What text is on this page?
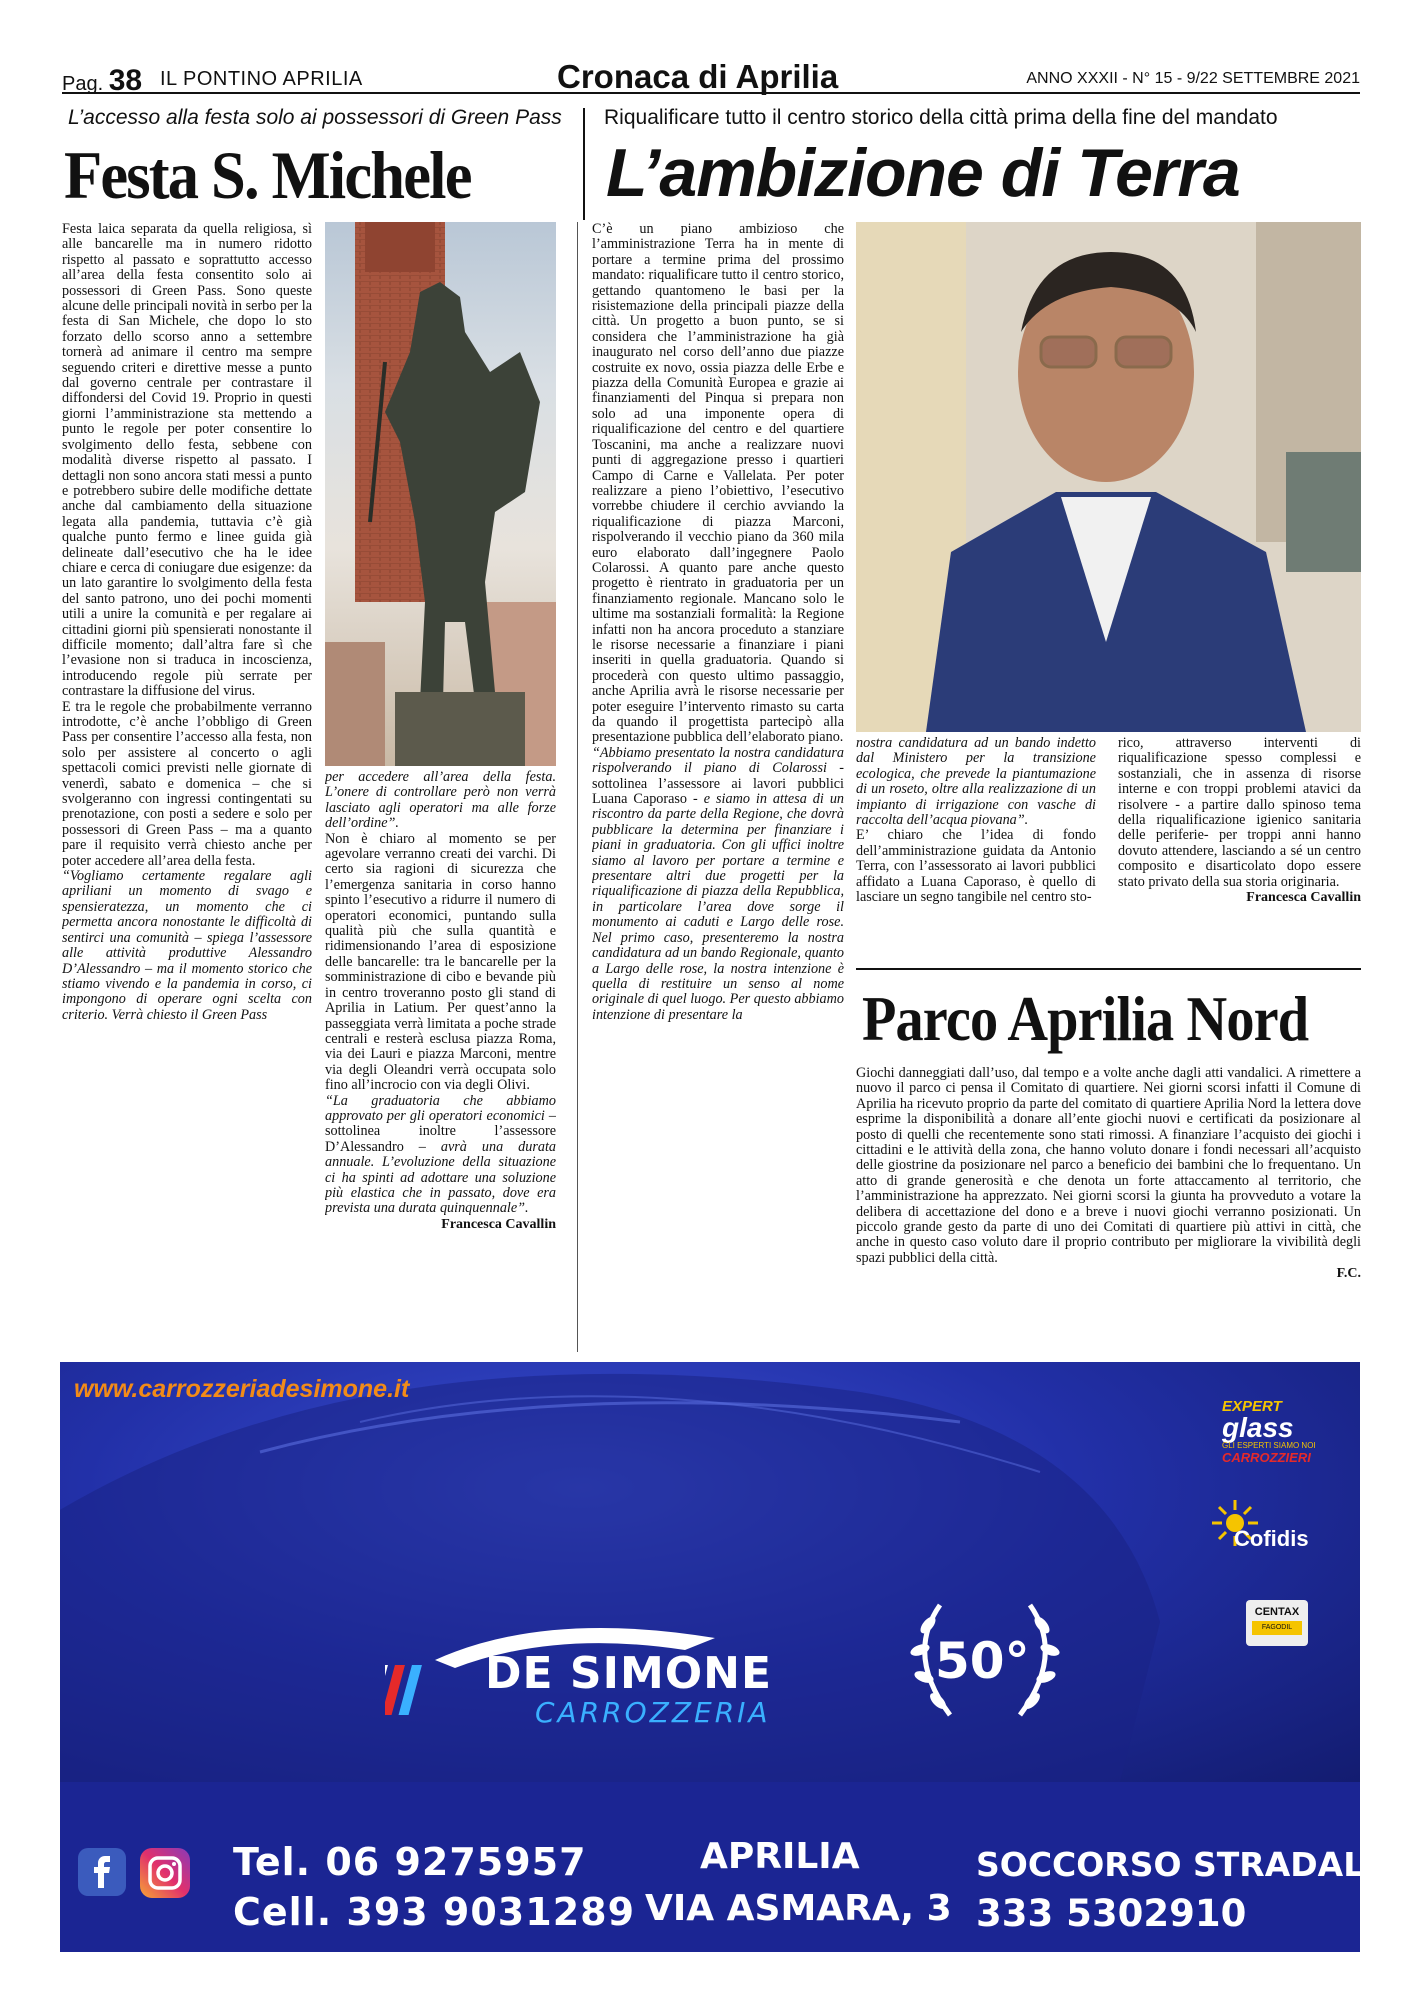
Pag. 38 IL PONTINO APRILIA	Cronaca di Aprilia	ANNO XXXII - N° 15 - 9/22 SETTEMBRE 2021
L’accesso alla festa solo ai possessori di Green Pass
Festa S. Michele

Festa laica separata da quella religiosa, sì alle bancarelle ma in numero ridotto rispetto al passato e soprattutto accesso all’area della festa consentito solo ai possessori di Green Pass. Sono queste alcune delle principali novità in serbo per la festa di San Michele, che dopo lo sto forzato dello scorso anno a settembre tornerà ad animare il centro ma sempre seguendo criteri e direttive messe a punto dal governo centrale per contrastare il diffondersi del Covid 19. Proprio in questi giorni l’amministrazione sta mettendo a punto le regole per poter consentire lo svolgimento dello festa, sebbene con modalità diverse rispetto al passato. I dettagli non sono ancora stati messi a punto e potrebbero subire delle modifiche dettate anche dal cambiamento della situazione legata alla pandemia, tuttavia c’è già qualche punto fermo e linee guida già delineate dall’esecutivo che ha le idee chiare e cerca di coniugare due esigenze: da un lato garantire lo svolgimento della festa del santo patrono, uno dei pochi momenti utili a unire la comunità e per regalare ai cittadini giorni più spensierati nonostante il difficile momento; dall’altra fare sì che l’evasione non si traduca in incoscienza, introducendo regole più serrate per contrastare la diffusione del virus.

E tra le regole che probabilmente verranno introdotte, c’è anche l’obbligo di Green Pass per consentire l’accesso alla festa, non solo per assistere al concerto o agli spettacoli comici previsti nelle giornate di venerdì, sabato e domenica – che si svolgeranno con ingressi contingentati su prenotazione, con posti a sedere e solo per possessori di Green Pass – ma a quanto pare il requisito verrà chiesto anche per poter accedere all’area della festa.

“Vogliamo certamente regalare agli apriliani un momento di svago e spensieratezza, un momento che ci permetta ancora nonostante le difficoltà di sentirci una comunità – spiega l’assessore alle attività produttive Alessandro D’Alessandro – ma il momento storico che stiamo vivendo e la pandemia in corso, ci impongono di operare ogni scelta con criterio. Verrà chiesto il Green Pass

per accedere all’area della festa. L’onere di controllare però non verrà lasciato agli operatori ma alle forze dell’ordine”.

Non è chiaro al momento se per agevolare verranno creati dei varchi. Di certo sia ragioni di sicurezza che l’emergenza sanitaria in corso hanno spinto l’esecutivo a ridurre il numero di operatori economici, puntando sulla qualità più che sulla quantità e ridimensionando l’area di esposizione delle bancarelle: tra le bancarelle per la somministrazione di cibo e bevande più in centro troveranno posto gli stand di Aprilia in Latium. Per quest’anno la passeggiata verrà limitata a poche strade centrali e resterà esclusa piazza Roma, via dei Lauri e piazza Marconi, mentre via degli Oleandri verrà occupata solo fino all’incrocio con via degli Olivi.

“La graduatoria che abbiamo approvato per gli operatori economici – sottolinea inoltre l’assessore D’Alessandro – avrà una durata annuale. L’evoluzione della situazione ci ha spinti ad adottare una soluzione più elastica che in passato, dove era prevista una durata quinquennale”.

Francesca Cavallin

Riqualificare tutto il centro storico della città prima della fine del mandato
L’ambizione di Terra

C’è un piano ambizioso che l’amministrazione Terra ha in mente di portare a termine prima del prossimo mandato: riqualificare tutto il centro storico, gettando quantomeno le basi per la risistemazione della principali piazze della città. Un progetto a buon punto, se si considera che l’amministrazione ha già inaugurato nel corso dell’anno due piazze costruite ex novo, ossia piazza delle Erbe e piazza della Comunità Europea e grazie ai finanziamenti del Pinqua si prepara non solo ad una imponente opera di riqualificazione del centro e del quartiere Toscanini, ma anche a realizzare nuovi punti di aggregazione presso i quartieri Campo di Carne e Vallelata. Per poter realizzare a pieno l’obiettivo, l’esecutivo vorrebbe chiudere il cerchio avviando la riqualificazione di piazza Marconi, rispolverando il vecchio piano da 360 mila euro elaborato dall’ingegnere Paolo Colarossi. A quanto pare anche questo progetto è rientrato in graduatoria per un finanziamento regionale. Mancano solo le ultime ma sostanziali formalità: la Regione infatti non ha ancora proceduto a stanziare le risorse necessarie a finanziare i piani inseriti in quella graduatoria. Quando si procederà con questo ultimo passaggio, anche Aprilia avrà le risorse necessarie per poter eseguire l’intervento rimasto su carta da quando il progettista partecipò alla presentazione pubblica dell’elaborato piano.

“Abbiamo presentato la nostra candidatura rispolverando il piano di Colarossi - sottolinea l’assessore ai lavori pubblici Luana Caporaso - e siamo in attesa di un riscontro da parte della Regione, che dovrà pubblicare la determina per finanziare i piani in graduatoria. Con gli uffici inoltre siamo al lavoro per portare a termine e presentare altri due progetti per la riqualificazione di piazza della Repubblica, in particolare l’area dove sorge il monumento ai caduti e Largo delle rose. Nel primo caso, presenteremo la nostra candidatura ad un bando Regionale, quanto a Largo delle rose, la nostra intenzione è quella di restituire un senso al nome originale di quel luogo. Per questo abbiamo intenzione di presentare la

nostra candidatura ad un bando indetto dal Ministero per la transizione ecologica, che prevede la piantumazione di un roseto, oltre alla realizzazione di un impianto di irrigazione con vasche di raccolta dell’acqua piovana”.

E’ chiaro che l’idea di fondo dell’amministrazione guidata da Antonio Terra, con l’assessorato ai lavori pubblici affidato a Luana Caporaso, è quello di lasciare un segno tangibile nel centro sto-

rico, attraverso interventi di riqualificazione spesso complessi e sostanziali, che in assenza di risorse interne e con troppi problemi atavici da risolvere - a partire dallo spinoso tema della riqualificazione igienico sanitaria delle periferie- per troppi anni hanno dovuto attendere, lasciando a sé un centro composito e disarticolato dopo essere stato privato della sua storia originaria.

Francesca Cavallin

Parco Aprilia Nord

Giochi danneggiati dall’uso, dal tempo e a volte anche dagli atti vandalici. A rimettere a nuovo il parco ci pensa il Comitato di quartiere. Nei giorni scorsi infatti il Comune di Aprilia ha ricevuto proprio da parte del comitato di quartiere Aprilia Nord la lettera dove esprime la disponibilità a donare all’ente giochi nuovi e certificati da posizionare al posto di quelli che recentemente sono stati rimossi. A finanziare l’acquisto dei giochi i cittadini e le attività della zona, che hanno voluto donare i fondi necessari all’acquisto delle giostrine da posizionare nel parco a beneficio dei bambini che lo frequentano. Un atto di grande generosità e che denota un forte attaccamento al territorio, che l’amministrazione ha apprezzato. Nei giorni scorsi la giunta ha provveduto a votare la delibera di accettazione del dono e a breve i nuovi giochi verranno posizionati. Un piccolo grande gesto da parte di uno dei Comitati di quartiere più attivi in città, che anche in questo caso voluto dare il proprio contributo per migliorare la vivibilità degli spazi pubblici della città.

F.C.

www.carrozzeriadesimone.it
DE SIMONE
CARROZZERIA
50°
EXPERT
glass
GLI ESPERTI SIAMO NOI
CARROZZIERI
Cofidis
CENTAX
FAGODIL
Tel. 06 9275957
Cell. 393 9031289
APRILIA
VIA ASMARA, 3
SOCCORSO STRADALE:
333 5302910
